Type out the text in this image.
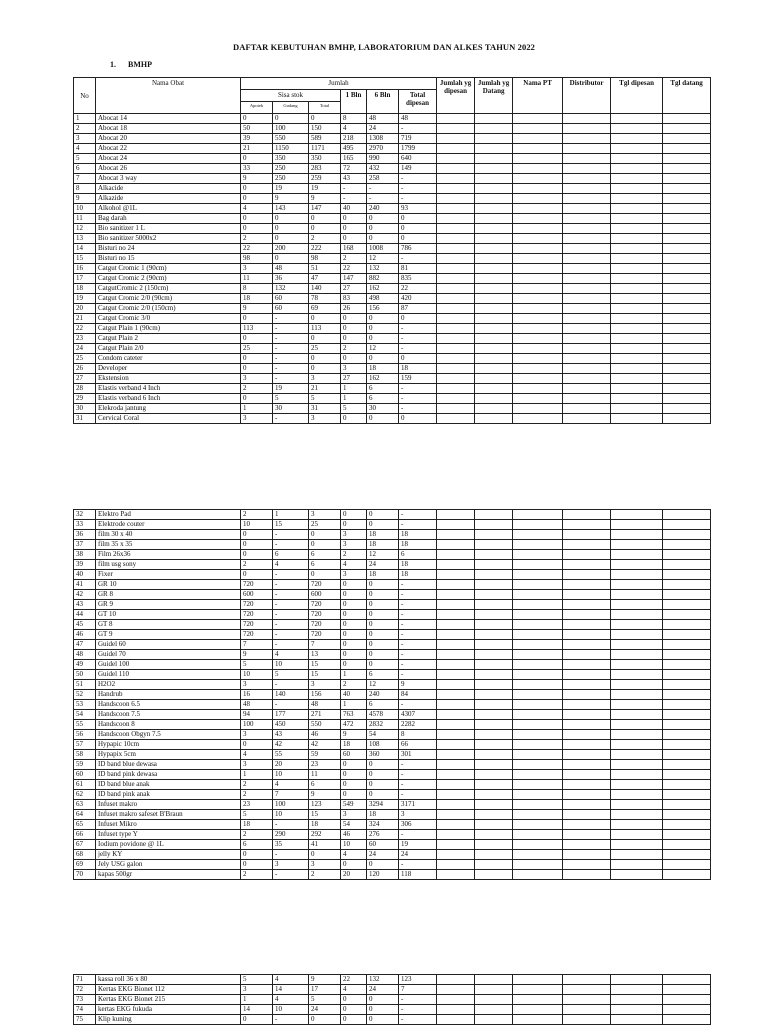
DAFTAR KEBUTUHAN BMHP, LABORATORIUM DAN ALKES TAHUN 2022
1. BMHP
No	Nama Obat	Jumlah						Jumlah yg dipesan	Jumlah yg Datang	Nama PT	Distributor	Tgl dipesan	Tgl datang
		Sisa stok			1 Bln	6 Bln	Total dipesan						
		Apotek	Gudang	Total									
1	Abocat 14	0	0	0	8	48	48						
2	Abocat 18	50	100	150	4	24	-						
3	Abocat 20	39	550	589	218	1308	719						
4	Abocat 22	21	1150	1171	495	2970	1799						
5	Abocat 24	0	350	350	165	990	640						
6	Abocat 26	33	250	283	72	432	149						
7	Abocat 3 way	9	250	259	43	258	-						
8	Alkacide	0	19	19	-	-	-						
9	Alkazide	0	9	9	-	-	-						
10	Alkohol @1L	4	143	147	40	240	93						
11	Bag darah	0	0	0	0	0	0						
12	Bio sanitizer 1 L	0	0	0	0	0	0						
13	Bio sanitizer 5000x2	2	0	2	0	0	0						
14	Bisturi no 24	22	200	222	168	1008	786						
15	Bisturi no 15	98	0	98	2	12	-						
16	Catgut Cromic 1 (90cm)	3	48	51	22	132	81						
17	Catgut Cromic 2 (90cm)	11	36	47	147	882	835						
18	CatgutCromic 2 (150cm)	8	132	140	27	162	22						
19	Catgut Cromic 2/0 (90cm)	18	60	78	83	498	420						
20	Catgut Cromic 2/0 (150cm)	9	60	69	26	156	87						
21	Catgut Cromic 3/0	0	-	0	0	0	0						
22	Catgut Plain 1 (90cm)	113	-	113	0	0	-						
23	Catgut Plain 2	0	-	0	0	0	-						
24	Catgut Plain 2/0	25	-	25	2	12	-						
25	Condom cateter	0	-	0	0	0	0						
26	Developer	0	-	0	3	18	18						
27	Ekstension	3	-	3	27	162	159						
28	Elastis verband 4 Inch	2	19	21	1	6	-						
29	Elastis verband 6 Inch	0	5	5	1	6	-						
30	Elekroda jantung	1	30	31	5	30	-						
31	Cervical Coral	3	-	3	0	0	0						
32	Elektro Pad	2	1	3	0	0	-						
33	Elektrode couter	10	15	25	0	0	-						
36	film 30 x 40	0	-	0	3	18	18						
37	film 35 x 35	0	-	0	3	18	18						
38	Film 26x36	0	6	6	2	12	6						
39	film usg sony	2	4	6	4	24	18						
40	Fixer	0	-	0	3	18	18						
41	GR 10	720	-	720	0	0	-						
42	GR 8	600	-	600	0	0	-						
43	GR 9	720	-	720	0	0	-						
44	GT 10	720	-	720	0	0	-						
45	GT 8	720	-	720	0	0	-						
46	GT 9	720	-	720	0	0	-						
47	Guidel 60	7	-	7	0	0	-						
48	Guidel 70	9	4	13	0	0	-						
49	Guidel 100	5	10	15	0	0	-						
50	Guidel 110	10	5	15	1	6	-						
51	H2O2	3	-	3	2	12	9						
52	Handrub	16	140	156	40	240	84						
53	Handscoon 6.5	48	-	48	1	6	-						
54	Handscoon 7.5	94	177	271	763	4578	4307						
55	Handscoon 8	100	450	550	472	2832	2282						
56	Handscoon Obgyn 7.5	3	43	46	9	54	8						
57	Hypapic 10cm	0	42	42	18	108	66						
58	Hypapix 5cm	4	55	59	60	360	301						
59	ID band blue dewasa	3	20	23	0	0	-						
60	ID band pink dewasa	1	10	11	0	0	-						
61	ID band blue anak	2	4	6	0	0	-						
62	ID band pink anak	2	7	9	0	0	-						
63	Infuset makro	23	100	123	549	3294	3171						
64	Infuset makro safeset B'Braun	5	10	15	3	18	3						
65	Infuset Mikro	18	-	18	54	324	306						
66	Infuset type Y	2	290	292	46	276	-						
67	Iodium povidone @ 1L	6	35	41	10	60	19						
68	jelly KY	0	-	0	4	24	24						
69	Jely USG galon	0	3	3	0	0	-						
70	kapas 500gr	2	-	2	20	120	118						
71	kassa roll 36 x 80	5	4	9	22	132	123						
72	Kertas EKG Bionet 112	3	14	17	4	24	7						
73	Kertas EKG Bionet 215	1	4	5	0	0	-						
74	kertas EKG fukuda	14	10	24	0	0	-						
75	Klip kuning	0	-	0	0	0	-						
